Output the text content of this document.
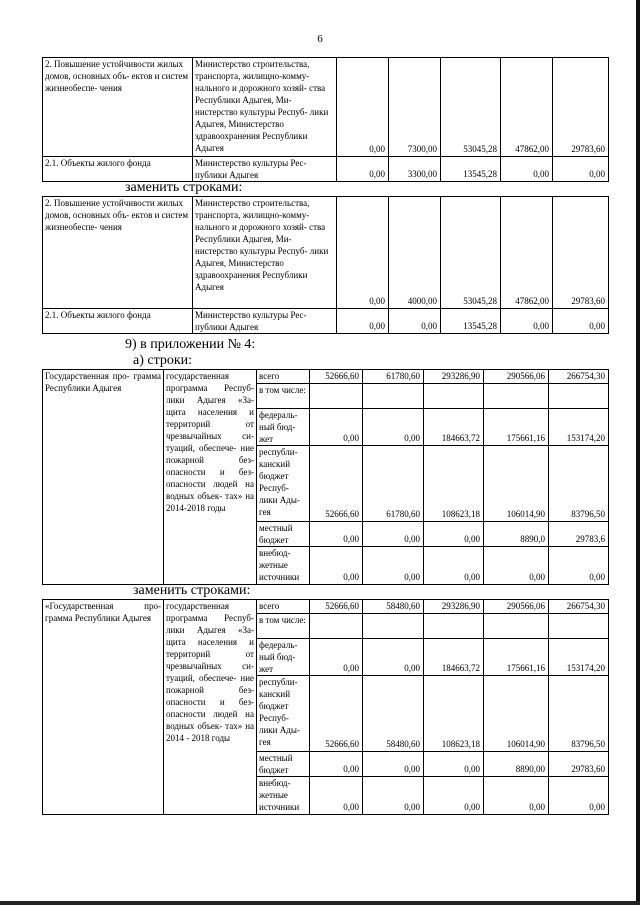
6
2. Повышение устойчивости жилых домов, основных объ- ектов и систем жизнеобеспе- чения	Министерство строительства, транспорта, жилищно-комму- нального и дорожного хозяй- ства Республики Адыгея, Ми- нистерство культуры Респуб- лики Адыгея, Министерство здравоохранения Республики Адыгея	0,00	7300,00	53045,28	47862,00	29783,60
2.1. Объекты жилого фонда	Министерство культуры Рес- публики Адыгея	0,00	3300,00	13545,28	0,00	0,00
заменить строками:
2. Повышение устойчивости жилых домов, основных объ- ектов и систем жизнеобеспе- чения	Министерство строительства, транспорта, жилищно-комму- нального и дорожного хозяй- ства Республики Адыгея, Ми- нистерство культуры Респуб- лики Адыгея, Министерство здравоохранения Республики Адыгея	0,00	4000,00	53045,28	47862,00	29783,60
2.1. Объекты жилого фонда	Министерство культуры Рес- публики Адыгея	0,00	0,00	13545,28	0,00	0,00
9) в приложении № 4:
а) строки:
Государственная про- грамма Республики Адыгея	государственная программа Респуб- лики Адыгея «За- щита населения и территорий от чрезвычайных си- туаций, обеспече- ние пожарной без- опасности и без- опасности людей на водных объек- тах» на 2014-2018 годы	всего	52666,60	61780,60	293286,90	290566,06	266754,30
		в том числе:					
		федераль- ный бюд- жет	0,00	0,00	184663,72	175661,16	153174,20
		республи- канский бюджет Респуб- лики Ады- гея	52666,60	61780,60	108623,18	106014,90	83796,50
		местный бюджет	0,00	0,00	0,00	8890,0	29783,6
		внебюд- жетные источники	0,00	0,00	0,00	0,00	0,00
заменить строками:
«Государственная про- грамма Республики Адыгея	государственная программа Респуб- лики Адыгея «За- щита населения и территорий от чрезвычайных си- туаций, обеспече- ние пожарной без- опасности и без- опасности людей на водных объек- тах» на 2014 - 2018 годы	всего	52666,60	58480,60	293286,90	290566,06	266754,30
		в том числе:					
		федераль- ный бюд- жет	0,00	0,00	184663,72	175661,16	153174,20
		республи- канский бюджет Респуб- лики Ады- гея	52666,60	58480,60	108623,18	106014,90	83796,50
		местный бюджет	0,00	0,00	0,00	8890,00	29783,60
		внебюд- жетные источники	0,00	0,00	0,00	0,00	0,00
